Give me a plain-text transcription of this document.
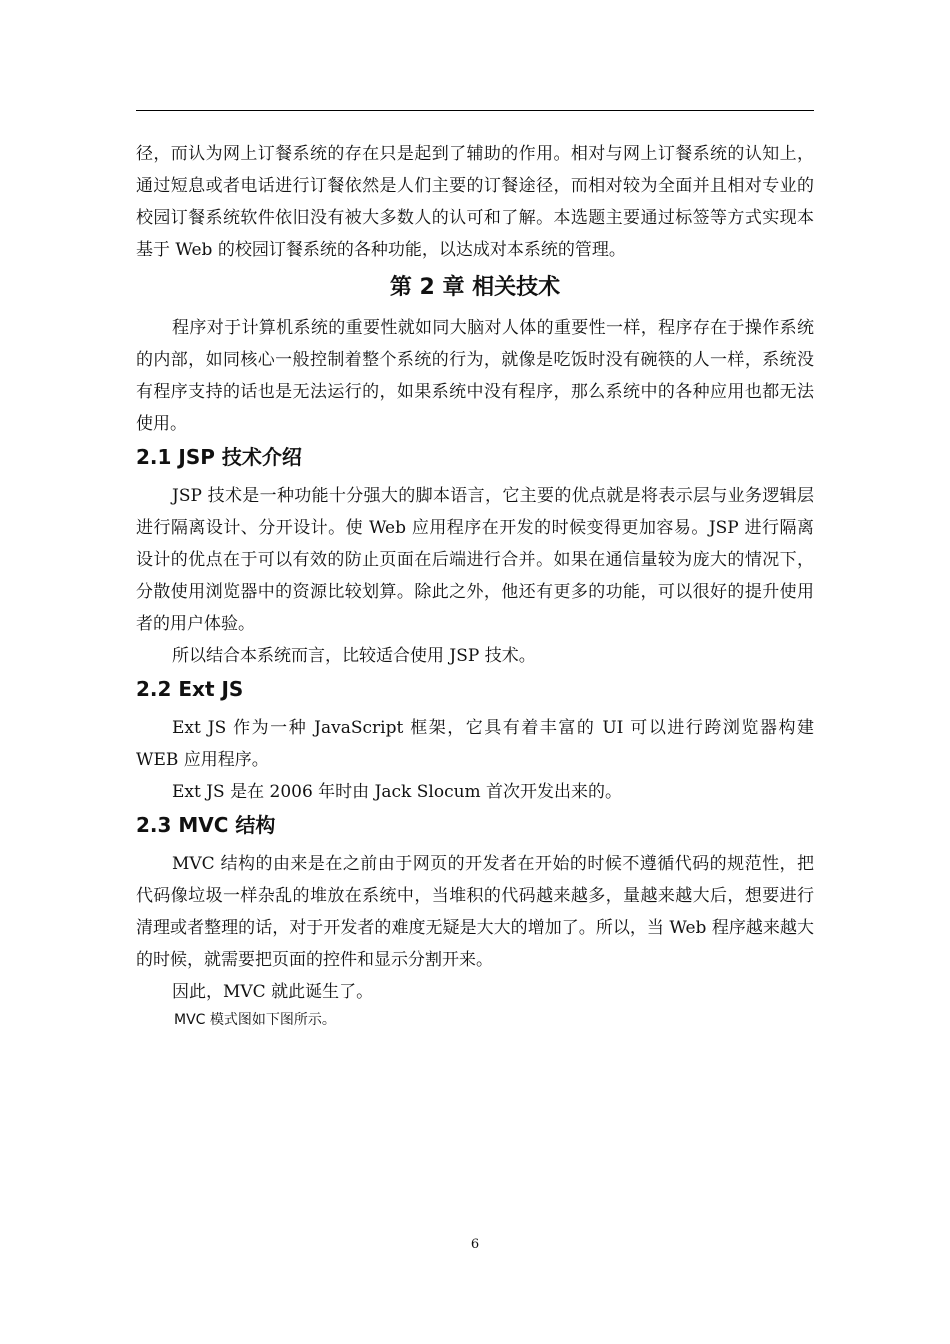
径，而认为网上订餐系统的存在只是起到了辅助的作用。相对与网上订餐系统的认知上，通过短息或者电话进行订餐依然是人们主要的订餐途径，而相对较为全面并且相对专业的校园订餐系统软件依旧没有被大多数人的认可和了解。本选题主要通过标签等方式实现本基于 Web 的校园订餐系统的各种功能，以达成对本系统的管理。

第 2 章 相关技术

程序对于计算机系统的重要性就如同大脑对人体的重要性一样，程序存在于操作系统的内部，如同核心一般控制着整个系统的行为，就像是吃饭时没有碗筷的人一样，系统没有程序支持的话也是无法运行的，如果系统中没有程序，那么系统中的各种应用也都无法使用。

2.1 JSP 技术介绍

JSP 技术是一种功能十分强大的脚本语言，它主要的优点就是将表示层与业务逻辑层进行隔离设计、分开设计。使 Web 应用程序在开发的时候变得更加容易。JSP 进行隔离设计的优点在于可以有效的防止页面在后端进行合并。如果在通信量较为庞大的情况下，分散使用浏览器中的资源比较划算。除此之外，他还有更多的功能，可以很好的提升使用者的用户体验。

所以结合本系统而言，比较适合使用 JSP 技术。

2.2 Ext JS

Ext JS 作为一种 JavaScript 框架，它具有着丰富的 UI 可以进行跨浏览器构建 WEB 应用程序。

Ext JS 是在 2006 年时由 Jack Slocum 首次开发出来的。

2.3 MVC 结构

MVC 结构的由来是在之前由于网页的开发者在开始的时候不遵循代码的规范性，把代码像垃圾一样杂乱的堆放在系统中，当堆积的代码越来越多，量越来越大后，想要进行清理或者整理的话，对于开发者的难度无疑是大大的增加了。所以，当 Web 程序越来越大的时候，就需要把页面的控件和显示分割开来。

因此，MVC 就此诞生了。

MVC 模式图如下图所示。

6
